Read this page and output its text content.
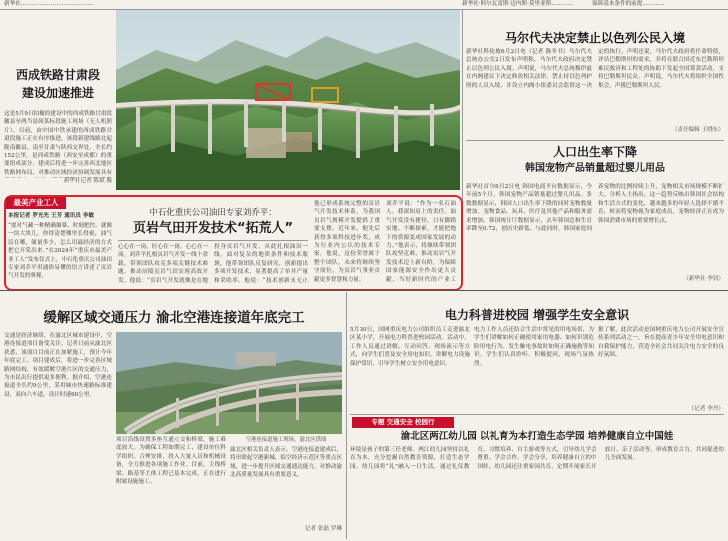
新华社…………………………………	新华社·阿尔瓦雷斯·迈内斯·莫里亚斯…………	保障基本条件的前提…………
西成铁路甘肃段
建设加速推进
这是5月9日拍摄的建设中的西成铁路甘肃段徽县至两当县间某标段施工现场（无人机照片）。目前，由中国中铁承建的西成铁路甘肃段施工正在有序推进，该段新建线路北起陇南徽县，南至甘肃与陕西交界处，全长约152公里，是西成铁路（西安至成都）的重要组成部分。建成后将进一步完善西北地区铁路网布局，对推动区域经济协调发展具有
新华社记者 陈斌 摄
马尔代夫决定禁止以色列公民入境
新华社科伦坡6月2日电（记者 陈冬书）马尔代夫总统办公室2日发布声明称，马尔代夫政府决定禁止以色列公民入境。声明说，马尔代夫总统穆伊兹在内阁建议下决定修改相关法律，禁止持以色列护照的人员入境，并设立内阁小组委员会监督这一决定的执行。声明还说，马尔代夫政府将任命特使，评估巴勒斯坦的需求，并将在联合国近东巴勒斯坦难民救济和工程处的协助下发起全国筹款活动，支持巴勒斯坦民众。声明说，马尔代夫将组织全国性集会，声援巴勒斯坦人民。
（责任编辑 王晓东）
人口出生率下降
韩国宠物产品销量超过婴儿用品
新华社首尔6月2日电 韩国电商平台数据显示，今年前5个月，韩国宠物产品销量超过婴儿用品。多数数据显示，韩国人口出生率下降的同时宠物数量增加，宠物食品、玩具、医疗及其他产品和服务需求增加。韩国统计厅数据显示，去年韩国总和生育率降至0.72，创历史新低。与此同时，韩国家庭饲养宠物的比例持续上升，宠物相关市场规模不断扩大。分析人士指出，这一趋势反映出韩国社会结构和生活方式的变化，越来越多的年轻人选择不婚不育，转而将宠物视为家庭成员，宠物经济正在成为韩国消费市场的重要增长点。
（新华社 李钊）
最美产业工人
本报记者 罗光先 王芳 通讯员 李敏
“要对气藏一种精确描摹，时刻把控。就像一块大块儿，你得清楚哪里长得密，油气层在哪，储量多少，怎么用最经济的方式把它开采出来。”在2024年“重庆市最美产业工人”发布仪式上，中石化重庆公司油田专家刘乔平用通俗易懂的语言讲述了页岩气开发的奥秘。
中石化重庆公司油田专家刘乔平：
页岩气田开发技术“拓荒人”
心心在一岗，匠心在一岗，心心在一岗。刘乔平扎根页岩气开发一线十余载，带领团队攻克多项关键技术难题，推动涪陵页岩气田实现高效开发。他说：“页岩气开发就像是在地
投身页岩气开发，从此扎根油田一线。面对复杂的地质条件和技术瓶颈，他带领团队反复研究，创新提出多项开发技术，显著提高了单井产量和采收率。他说：“技术创新永无止
他已形成系统完整的页岩气开发技术体系，为我国页岩气规模开发提供了重要支撑。近年来，他先后获得多项科技进步奖，成为行业内公认的技术专家。他说，这份荣誉属于整个团队，未来将继续坚守岗位，为页岩气事业贡献更多智慧和力量。
刘乔平说：“作为一名石油人，我深知肩上的责任。油气开发没有捷径，只有脚踏实地、不断探索，才能把地下的资源变成国家发展的动力。”他表示，将继续带领团队攻坚克难，推动页岩气开发技术迈上新台阶，为保障国家能源安全作出更大贡献，当好新时代的产业工
缓解区域交通压力 渝北空港连接道年底完工
交通是经济脉络，在渝北区城市建设中，空港连接道项目备受关注。记者日前从渝北区获悉，该项目目前正在加紧施工，预计今年年底完工。项目建成后，将进一步完善区域路网结构，有效缓解空港片区的交通压力，为市民出行提供更多便利。据介绍，空港连接道全长约9公里，采用城市快速路标准建设，双向六车道，设计时速60公里。
空港连接道施工现场。渝北区供图
项目沿线设置多座互通立交和桥梁，施工难度较大。为确保工程如期完工，建设单位科学组织、合理安排，投入大量人员和机械设备，全力推进各项施工作业。目前，主线桥梁、路基等主体工程已基本完成，正在进行附属设施施工。
渝北区相关负责人表示，空港连接道建成后，将串联起空港新城、临空经济示范区等重点区域，进一步提升区域交通通达能力，对推动渝北高质量发展具有重要意义。
记者 张磊 罗琳
电力科普进校园 增强学生安全意识
5月30日，国网重庆电力公司组织员工走进渝北区某小学，开展电力科普进校园活动。活动中，工作人员通过讲解、互动问答、现场演示等方式，向学生们普及安全用电知识，讲解电力设施保护常识，引导学生树立安全用电意识。
电力工作人员还结合生活中常见的用电场景，为学生们讲解如何正确使用家用电器、如何识别危险用电行为、发生触电事故时如何正确施救等知识。学生们认真聆听、积极提问，现场气氛热烈。
据了解，此次活动是国网重庆电力公司开展安全宣传系列活动之一，旨在提高青少年安全用电意识和自我保护能力，营造全社会共同关注电力安全的良好氛围。
（记者 李丹）
专题 交通安全 校园行
渝北区两江幼儿园 以礼育为本打造生态学园 培养健康自立中国娃
环境是孩子的第三任老师。两江幼儿园坚持以礼育为本，充分挖掘自然教育资源，打造生态学园。幼儿园将“礼”融入一日生活，通过礼仪教育、习惯培养、自主游戏等方式，引导幼儿学会尊重、学会合作、学会分享，培养健康自立的中国娃。幼儿园还注重家园共育，定期开展家长开放日、亲子活动等，形成教育合力，共同促进幼儿全面发展。
